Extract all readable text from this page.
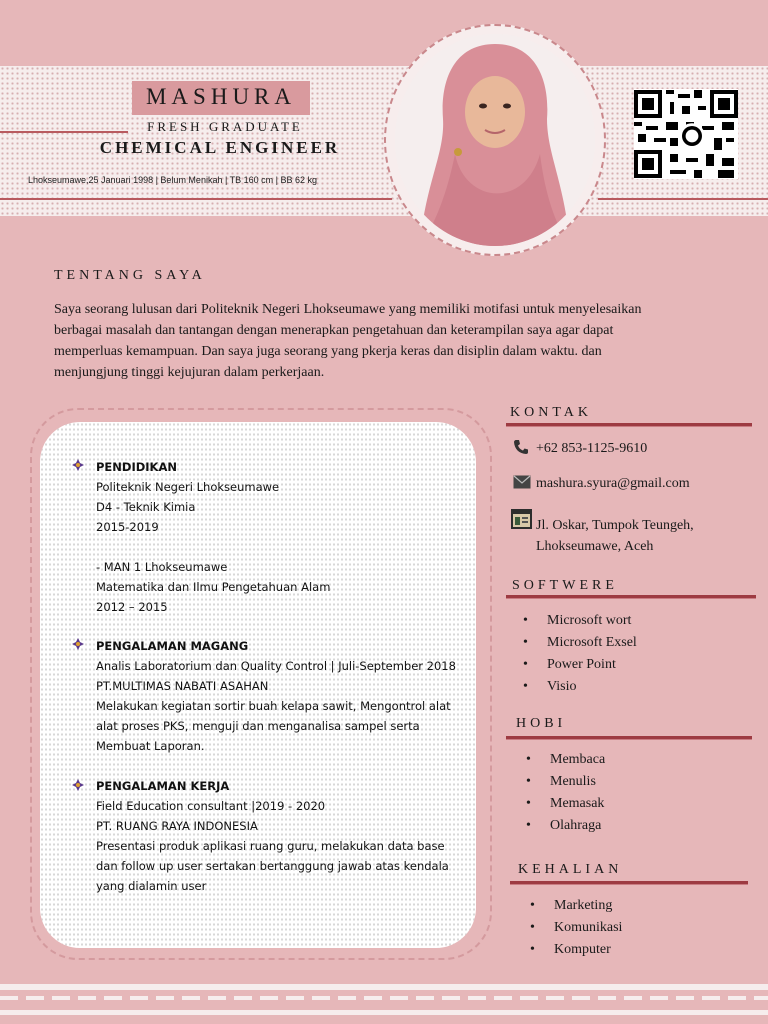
MASHURA
FRESH GRADUATE
CHEMICAL ENGINEER
Lhokseumawe,25 Januari 1998 | Belum Menikah | TB 160 cm | BB 62 kg
TENTANG SAYA
Saya seorang lulusan dari Politeknik Negeri Lhokseumawe yang memiliki motifasi untuk menyelesaikan
berbagai masalah dan tantangan dengan menerapkan pengetahuan dan keterampilan saya agar dapat
memperluas kemampuan. Dan saya juga seorang yang pkerja keras dan disiplin dalam waktu. dan
menjungjung tinggi kejujuran dalam perkerjaan.
PENDIDIKAN
Politeknik Negeri Lhokseumawe
D4 - Teknik Kimia
2015-2019
- MAN 1 Lhokseumawe
Matematika dan Ilmu Pengetahuan Alam
2012 – 2015
PENGALAMAN MAGANG
Analis Laboratorium dan Quality Control | Juli-September 2018
PT.MULTIMAS NABATI ASAHAN
Melakukan kegiatan sortir buah kelapa sawit, Mengontrol alat
alat proses PKS, menguji dan menganalisa sampel serta
Membuat Laporan.
PENGALAMAN KERJA
Field Education consultant |2019 - 2020
PT. RUANG RAYA INDONESIA
Presentasi produk aplikasi ruang guru, melakukan data base
dan follow up user sertakan bertanggung jawab atas kendala
yang dialamin user
KONTAK
+62 853-1125-9610
mashura.syura@gmail.com
Jl. Oskar, Tumpok Teungeh,
Lhokseumawe, Aceh
SOFTWERE
• Microsoft wort
• Microsoft Exsel
• Power Point
• Visio
HOBI
• Membaca
• Menulis
• Memasak
• Olahraga
KEHALIAN
• Marketing
• Komunikasi
• Komputer
